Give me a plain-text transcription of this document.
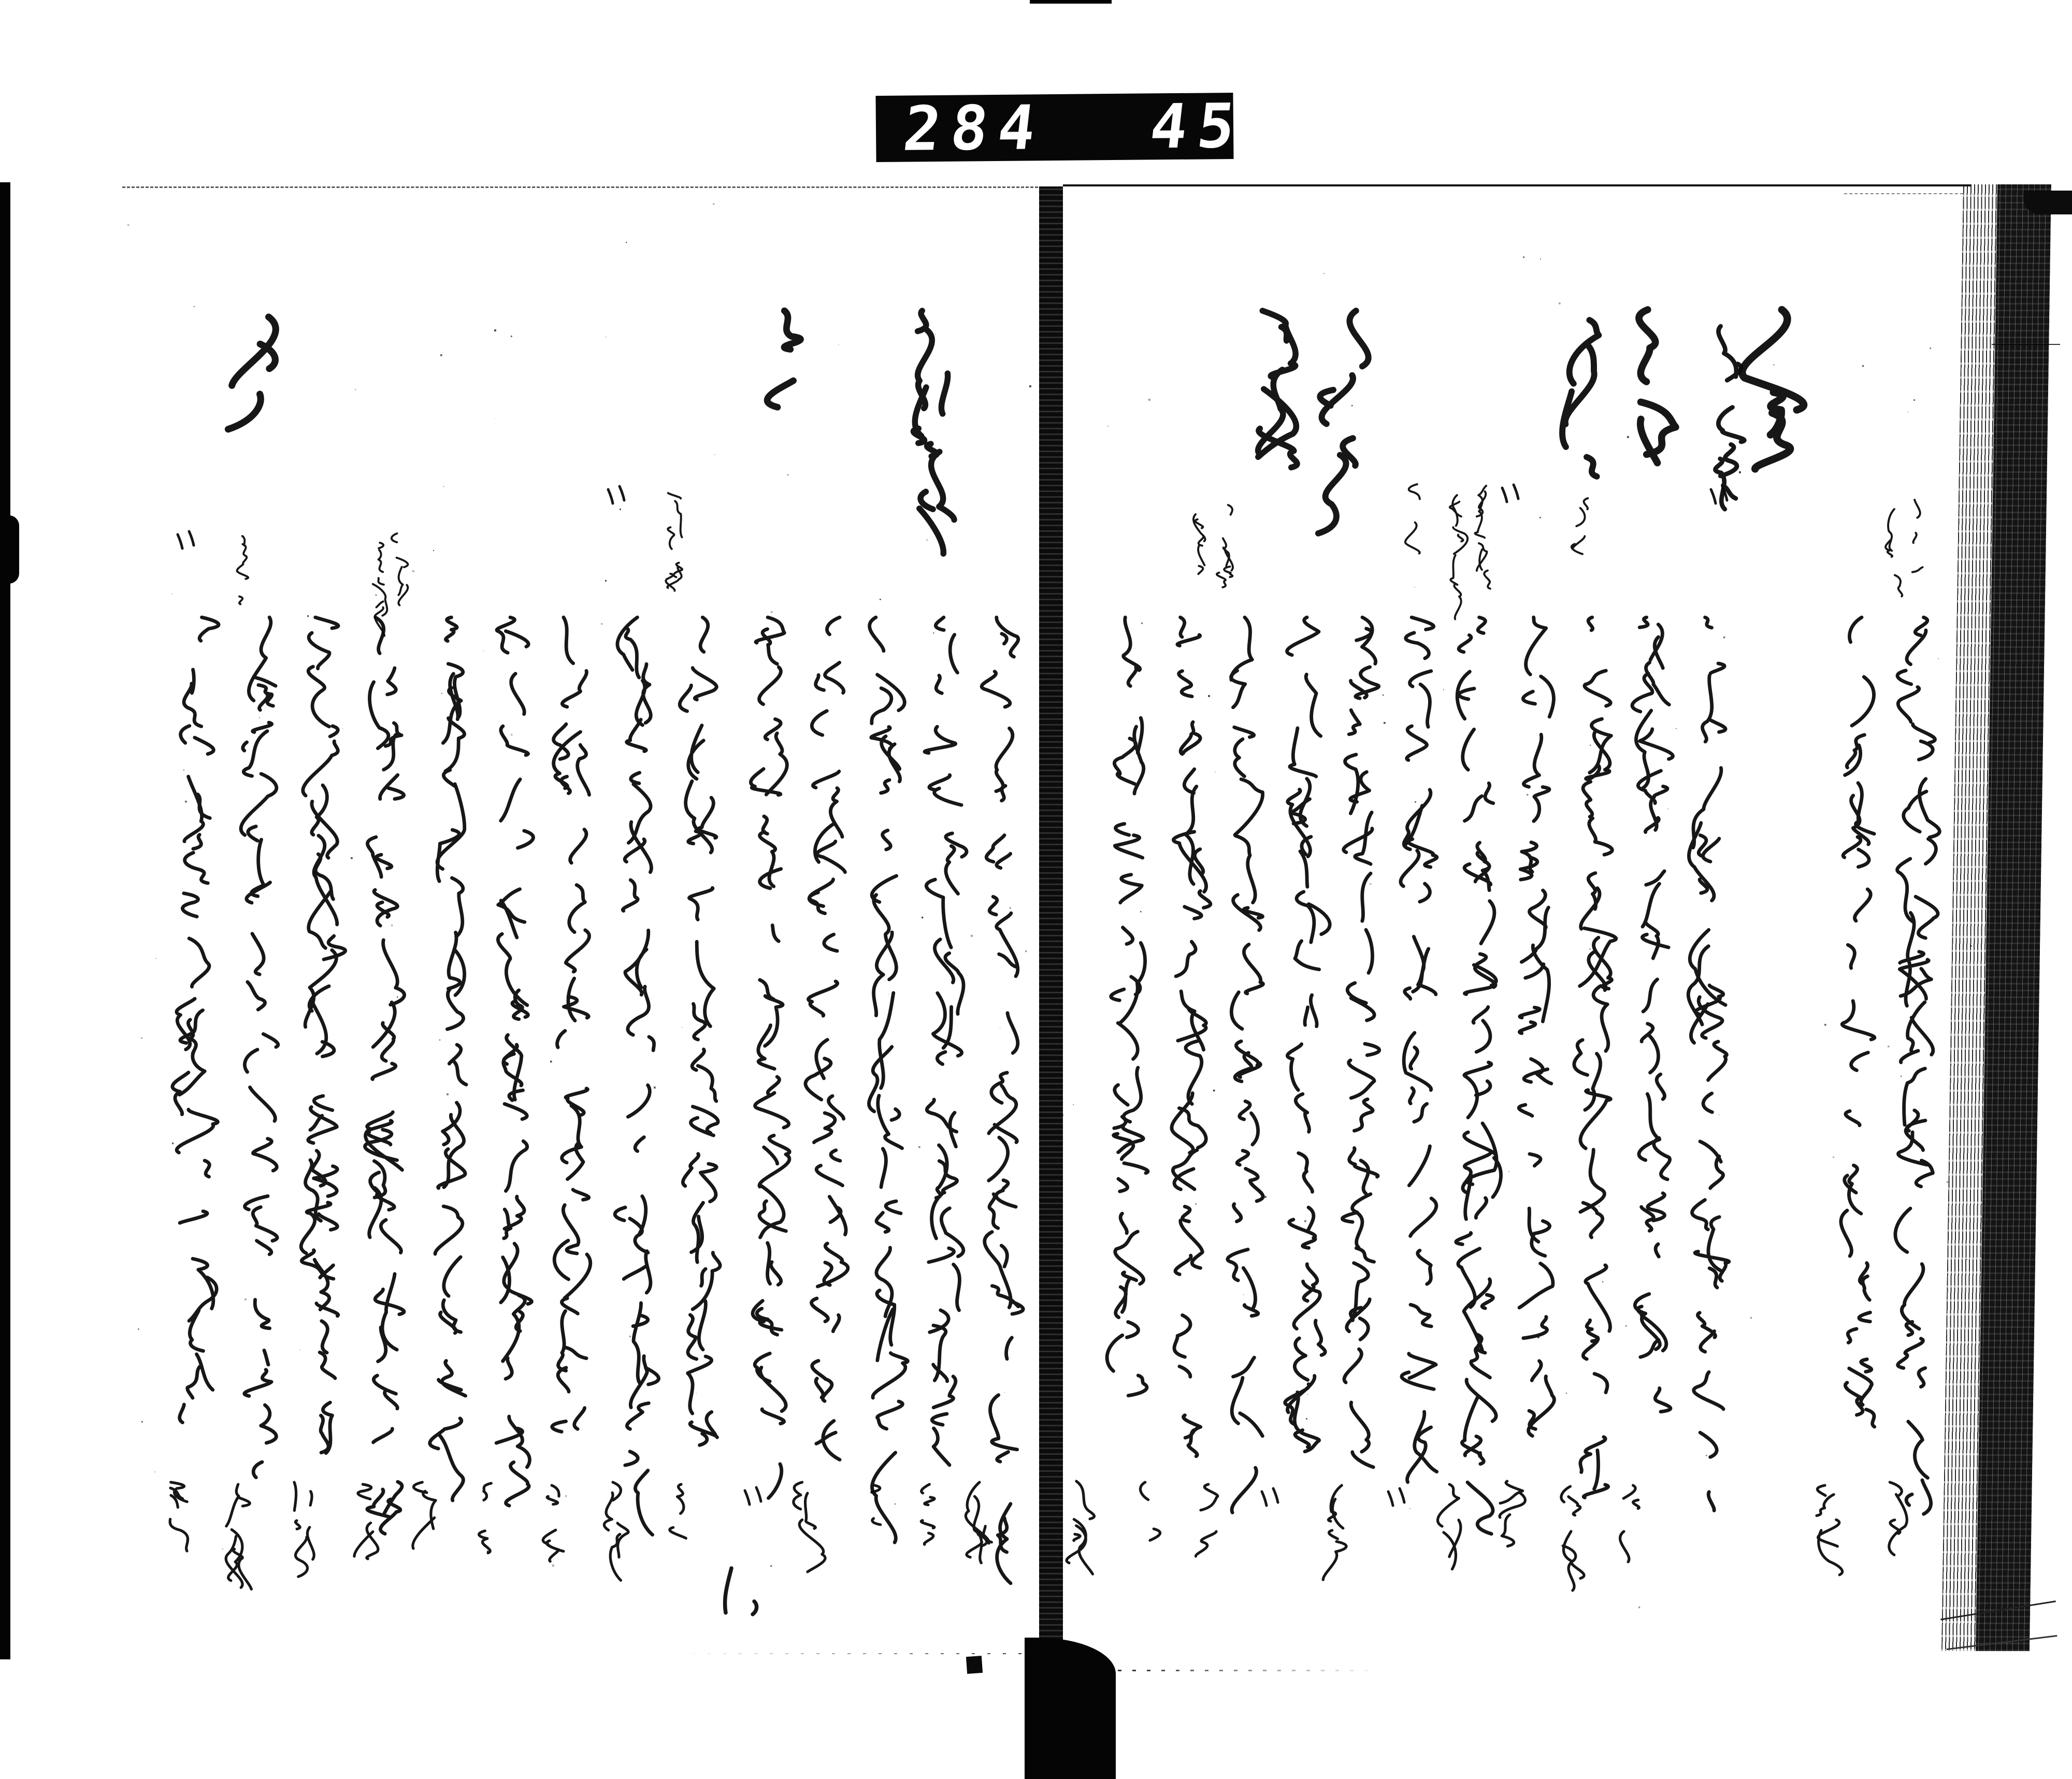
284 452.
